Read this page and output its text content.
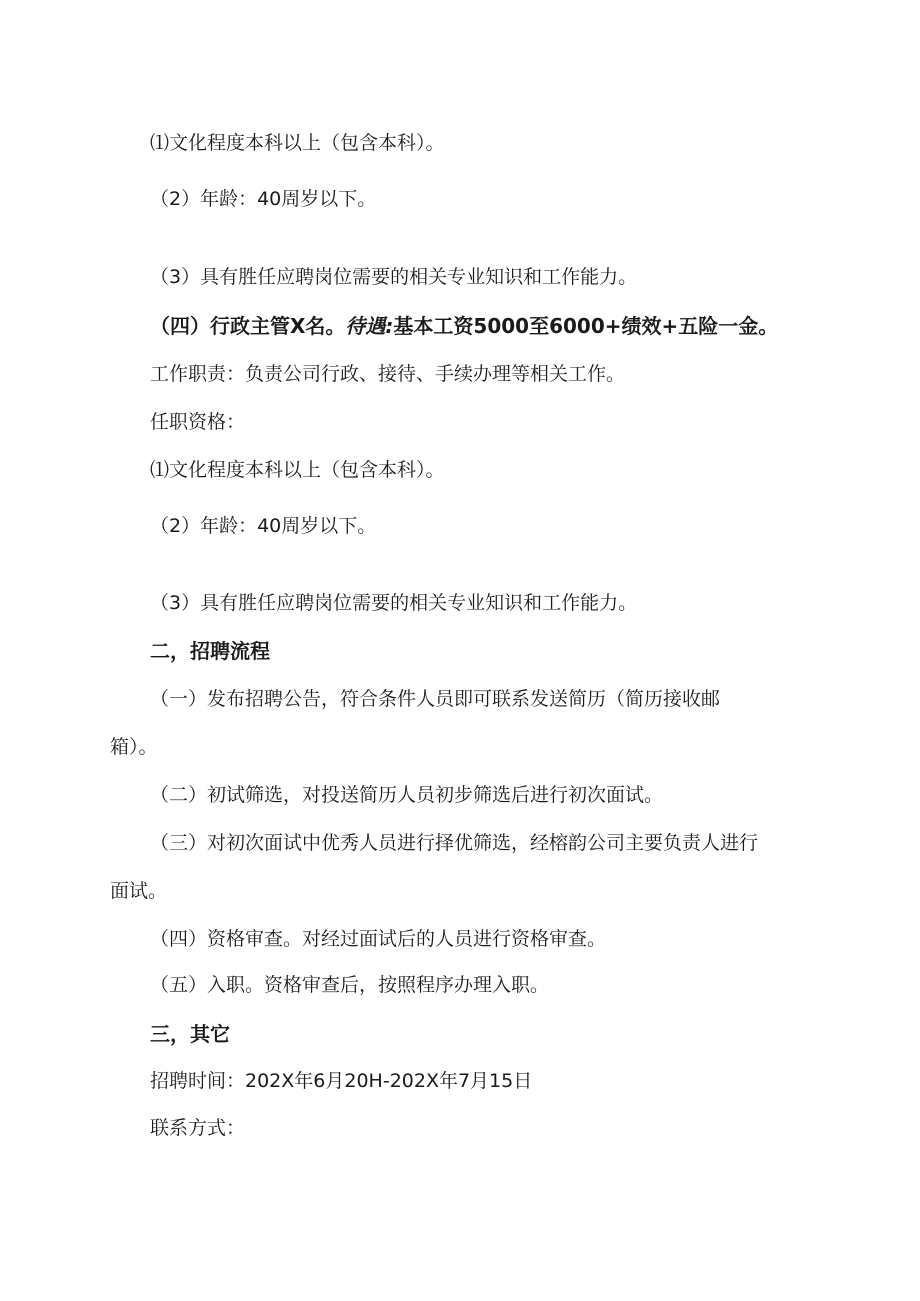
⑴文化程度本科以上（包含本科）。
（2）年龄：40周岁以下。
（3）具有胜任应聘岗位需要的相关专业知识和工作能力。
（四）行政主管X名。待遇:基本工资5000至6000+绩效+五险一金。
工作职责：负责公司行政、接待、手续办理等相关工作。
任职资格：
⑴文化程度本科以上（包含本科）。
（2）年龄：40周岁以下。
（3）具有胜任应聘岗位需要的相关专业知识和工作能力。
二，招聘流程
（一）发布招聘公告，符合条件人员即可联系发送简历（简历接收邮
箱）。
（二）初试筛选，对投送简历人员初步筛选后进行初次面试。
（三）对初次面试中优秀人员进行择优筛选，经榕韵公司主要负责人进行
面试。
（四）资格审查。对经过面试后的人员进行资格审查。
（五）入职。资格审查后，按照程序办理入职。
三，其它
招聘时间：202X年6月20H-202X年7月15日
联系方式：
